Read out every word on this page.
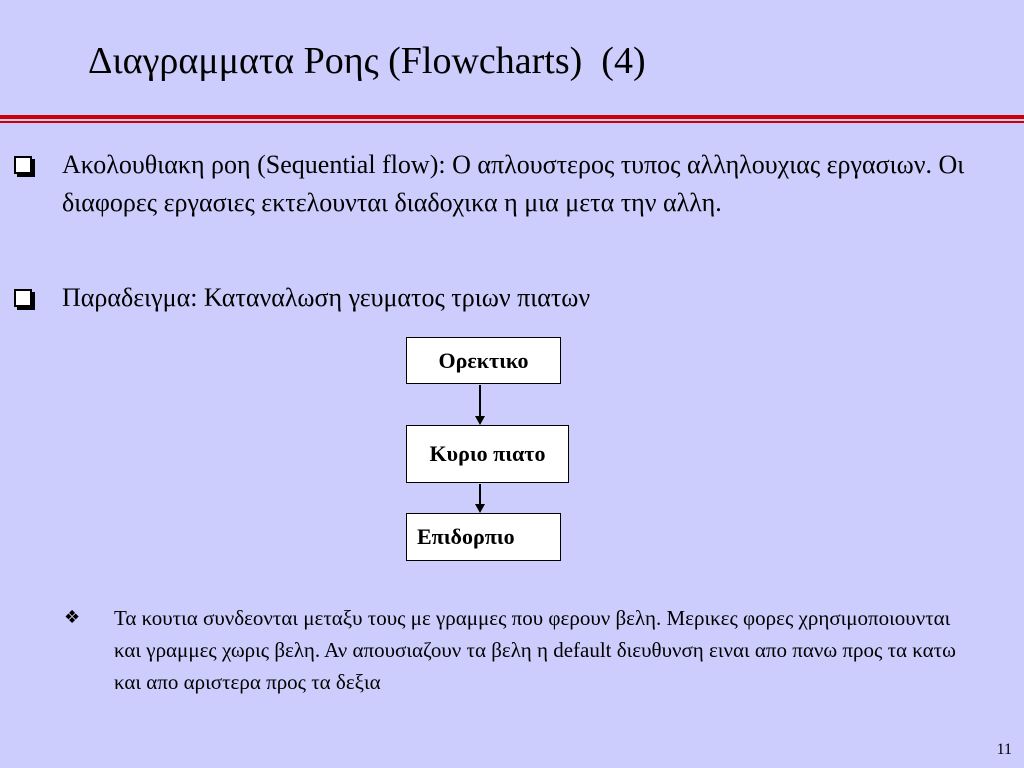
Διαγραμματα Ροης (Flowcharts)  (4)
Ακολουθιακη ροη (Sequential flow): Ο απλουστερος τυπος αλληλουχιας εργασιων. Οι διαφορες εργασιες εκτελουνται διαδοχικα η μια μετα την αλλη.
Παραδειγμα: Καταναλωση γευματος τριων πιατων
Ορεκτικο
Κυριο πιατο
Επιδορπιο
❖ Τα κουτια συνδεονται μεταξυ τους με γραμμες που φερουν βελη. Μερικες φορες χρησιμοποιουνται και γραμμες χωρις βελη. Αν απουσιαζουν τα βελη η default διευθυνση ειναι απο πανω προς τα κατω και απο αριστερα προς τα δεξια
11
